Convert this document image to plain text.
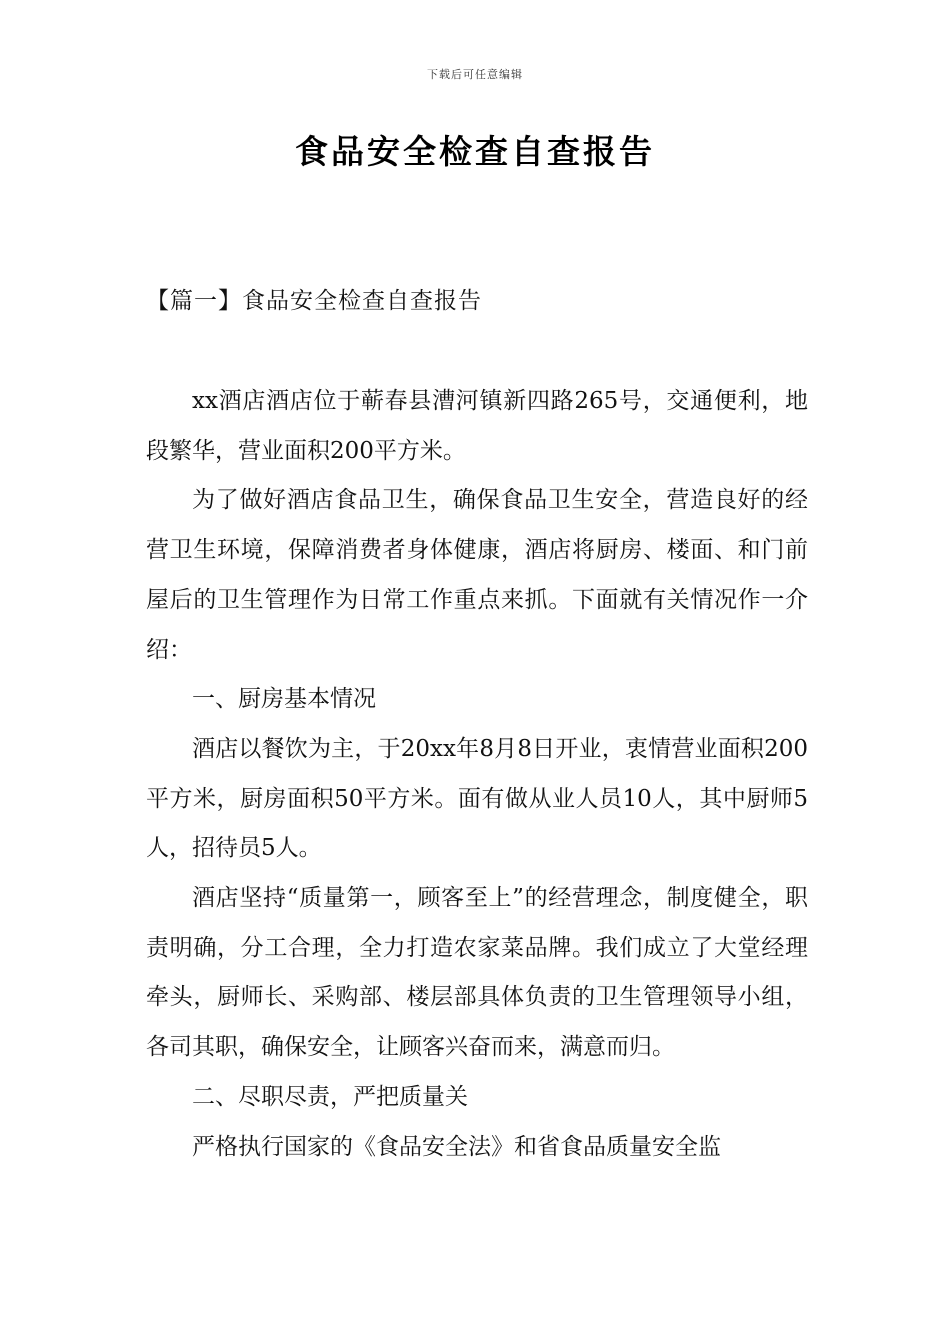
下载后可任意编辑
食品安全检查自查报告
【篇一】食品安全检查自查报告

xx酒店酒店位于蕲春县漕河镇新四路265号，交通便利，地段繁华，营业面积200平方米。

为了做好酒店食品卫生，确保食品卫生安全，营造良好的经营卫生环境，保障消费者身体健康，酒店将厨房、楼面、和门前屋后的卫生管理作为日常工作重点来抓。下面就有关情况作一介绍：

一、厨房基本情况

酒店以餐饮为主，于20xx年8月8日开业，衷情营业面积200平方米，厨房面积50平方米。面有做从业人员10人，其中厨师5人，招待员5人。

酒店坚持“质量第一，顾客至上”的经营理念，制度健全，职责明确，分工合理，全力打造农家菜品牌。我们成立了大堂经理牵头，厨师长、采购部、楼层部具体负责的卫生管理领导小组，各司其职，确保安全，让顾客兴奋而来，满意而归。

二、尽职尽责，严把质量关

严格执行国家的《食品安全法》和省食品质量安全监
